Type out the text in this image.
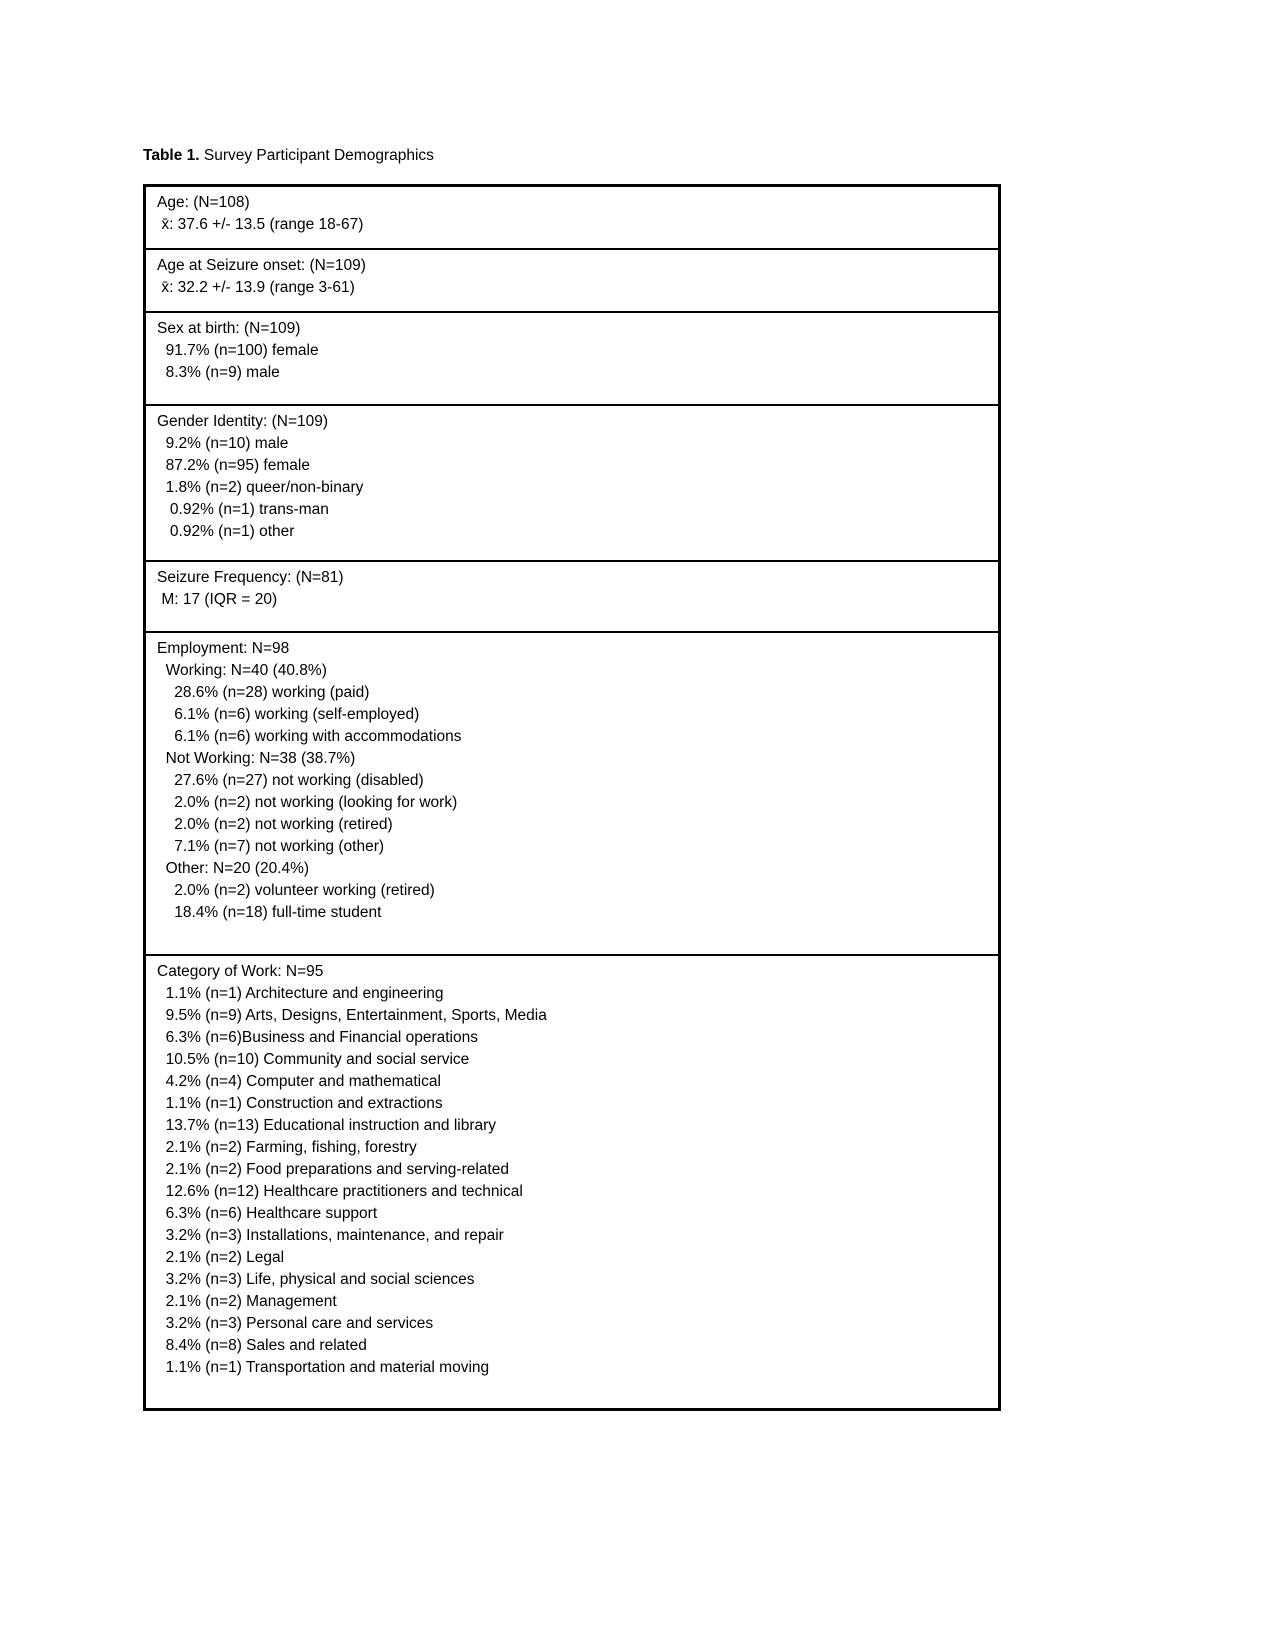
Table 1. Survey Participant Demographics

Age: (N=108)
x̄: 37.6 +/- 13.5 (range 18-67)
Age at Seizure onset: (N=109)
x̄: 32.2 +/- 13.9 (range 3-61)
Sex at birth: (N=109)
91.7% (n=100) female
8.3% (n=9) male
Gender Identity: (N=109)
9.2% (n=10) male
87.2% (n=95) female
1.8% (n=2) queer/non-binary
0.92% (n=1) trans-man
0.92% (n=1) other
Seizure Frequency: (N=81)
M: 17 (IQR = 20)
Employment: N=98
Working: N=40 (40.8%)
28.6% (n=28) working (paid)
6.1% (n=6) working (self-employed)
6.1% (n=6) working with accommodations
Not Working: N=38 (38.7%)
27.6% (n=27) not working (disabled)
2.0% (n=2) not working (looking for work)
2.0% (n=2) not working (retired)
7.1% (n=7) not working (other)
Other: N=20 (20.4%)
2.0% (n=2) volunteer working (retired)
18.4% (n=18) full-time student
Category of Work: N=95
1.1% (n=1) Architecture and engineering
9.5% (n=9) Arts, Designs, Entertainment, Sports, Media
6.3% (n=6)Business and Financial operations
10.5% (n=10) Community and social service
4.2% (n=4) Computer and mathematical
1.1% (n=1) Construction and extractions
13.7% (n=13) Educational instruction and library
2.1% (n=2) Farming, fishing, forestry
2.1% (n=2) Food preparations and serving-related
12.6% (n=12) Healthcare practitioners and technical
6.3% (n=6) Healthcare support
3.2% (n=3) Installations, maintenance, and repair
2.1% (n=2) Legal
3.2% (n=3) Life, physical and social sciences
2.1% (n=2) Management
3.2% (n=3) Personal care and services
8.4% (n=8) Sales and related
1.1% (n=1) Transportation and material moving
